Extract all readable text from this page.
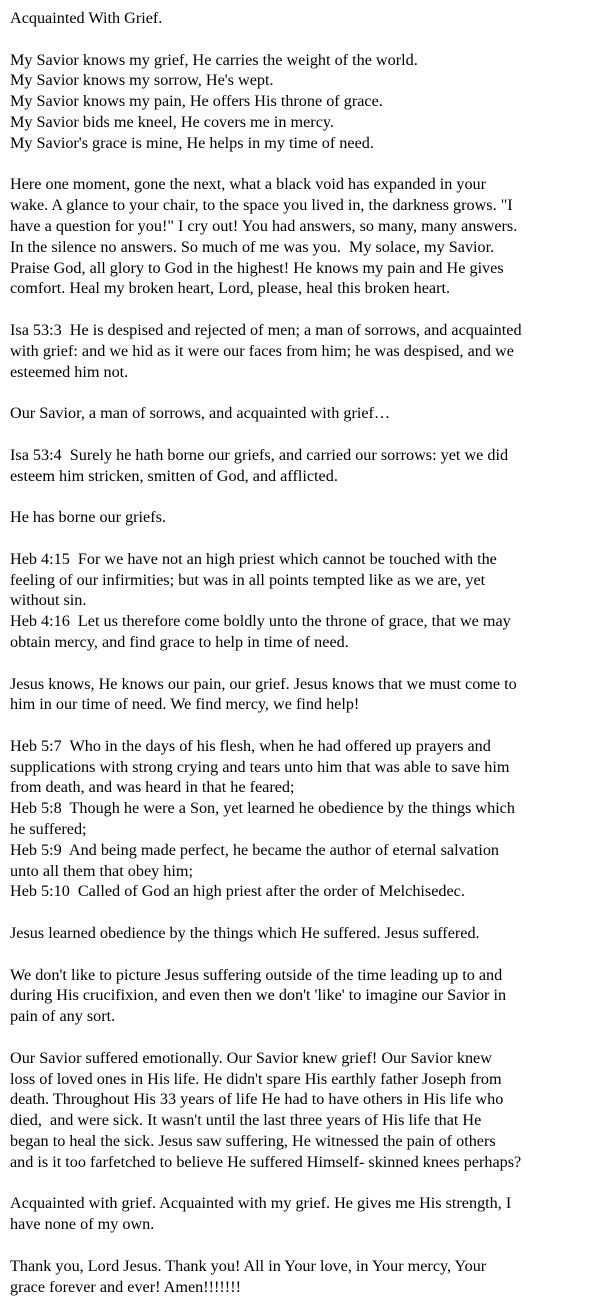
Acquainted With Grief.
My Savior knows my grief, He carries the weight of the world.
My Savior knows my sorrow, He's wept.
My Savior knows my pain, He offers His throne of grace.
My Savior bids me kneel, He covers me in mercy.
My Savior's grace is mine, He helps in my time of need.
Here one moment, gone the next, what a black void has expanded in your
wake. A glance to your chair, to the space you lived in, the darkness grows. "I
have a question for you!" I cry out! You had answers, so many, many answers.
In the silence no answers. So much of me was you.  My solace, my Savior.
Praise God, all glory to God in the highest! He knows my pain and He gives
comfort. Heal my broken heart, Lord, please, heal this broken heart.
Isa 53:3  He is despised and rejected of men; a man of sorrows, and acquainted
with grief: and we hid as it were our faces from him; he was despised, and we
esteemed him not.
Our Savior, a man of sorrows, and acquainted with grief…
Isa 53:4  Surely he hath borne our griefs, and carried our sorrows: yet we did
esteem him stricken, smitten of God, and afflicted.
He has borne our griefs.
Heb 4:15  For we have not an high priest which cannot be touched with the
feeling of our infirmities; but was in all points tempted like as we are, yet
without sin.
Heb 4:16  Let us therefore come boldly unto the throne of grace, that we may
obtain mercy, and find grace to help in time of need.
Jesus knows, He knows our pain, our grief. Jesus knows that we must come to
him in our time of need. We find mercy, we find help!
Heb 5:7  Who in the days of his flesh, when he had offered up prayers and
supplications with strong crying and tears unto him that was able to save him
from death, and was heard in that he feared;
Heb 5:8  Though he were a Son, yet learned he obedience by the things which
he suffered;
Heb 5:9  And being made perfect, he became the author of eternal salvation
unto all them that obey him;
Heb 5:10  Called of God an high priest after the order of Melchisedec.
Jesus learned obedience by the things which He suffered. Jesus suffered.
We don't like to picture Jesus suffering outside of the time leading up to and
during His crucifixion, and even then we don't 'like' to imagine our Savior in
pain of any sort.
Our Savior suffered emotionally. Our Savior knew grief! Our Savior knew
loss of loved ones in His life. He didn't spare His earthly father Joseph from
death. Throughout His 33 years of life He had to have others in His life who
died,  and were sick. It wasn't until the last three years of His life that He
began to heal the sick. Jesus saw suffering, He witnessed the pain of others
and is it too farfetched to believe He suffered Himself- skinned knees perhaps?
Acquainted with grief. Acquainted with my grief. He gives me His strength, I
have none of my own.
Thank you, Lord Jesus. Thank you! All in Your love, in Your mercy, Your
grace forever and ever! Amen!!!!!!!
